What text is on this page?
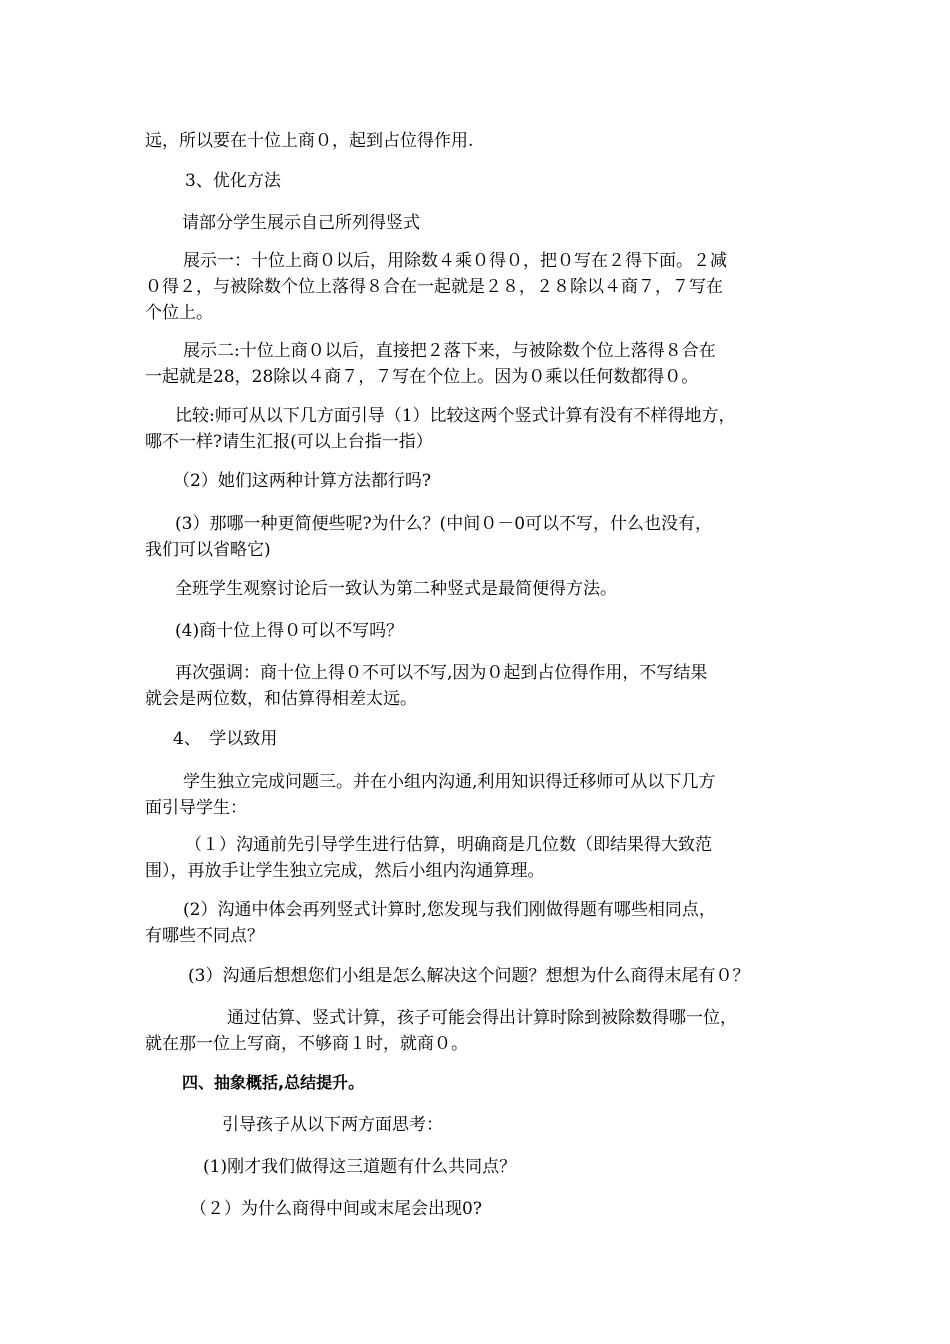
远，所以要在十位上商０，起到占位得作用.

3、优化方法

请部分学生展示自己所列得竖式

展示一：十位上商０以后，用除数４乘０得０，把０写在２得下面。２减
０得２，与被除数个位上落得８合在一起就是２８，２８除以４商７，７写在
个位上。

展示二:十位上商０以后，直接把２落下来，与被除数个位上落得８合在
一起就是28，28除以４商７，７写在个位上。因为０乘以任何数都得０。

比较:师可从以下几方面引导（1）比较这两个竖式计算有没有不样得地方，
哪不一样?请生汇报(可以上台指一指）

（2）她们这两种计算方法都行吗?

(3）那哪一种更简便些呢?为什么？(中间０－0可以不写，什么也没有，
我们可以省略它)

全班学生观察讨论后一致认为第二种竖式是最简便得方法。

(4)商十位上得０可以不写吗？

再次强调：商十位上得０不可以不写,因为０起到占位得作用，不写结果
就会是两位数，和估算得相差太远。

4、　学以致用

学生独立完成问题三。并在小组内沟通,利用知识得迁移师可从以下几方
面引导学生：

（１）沟通前先引导学生进行估算，明确商是几位数（即结果得大致范
围），再放手让学生独立完成，然后小组内沟通算理。

(2）沟通中体会再列竖式计算时,您发现与我们刚做得题有哪些相同点，
有哪些不同点？

(3）沟通后想想您们小组是怎么解决这个问题？想想为什么商得末尾有０？

通过估算、竖式计算，孩子可能会得出计算时除到被除数得哪一位，
就在那一位上写商，不够商１时，就商０。

四、抽象概括,总结提升。

引导孩子从以下两方面思考：

(1)刚才我们做得这三道题有什么共同点？

（２）为什么商得中间或末尾会出现0?
